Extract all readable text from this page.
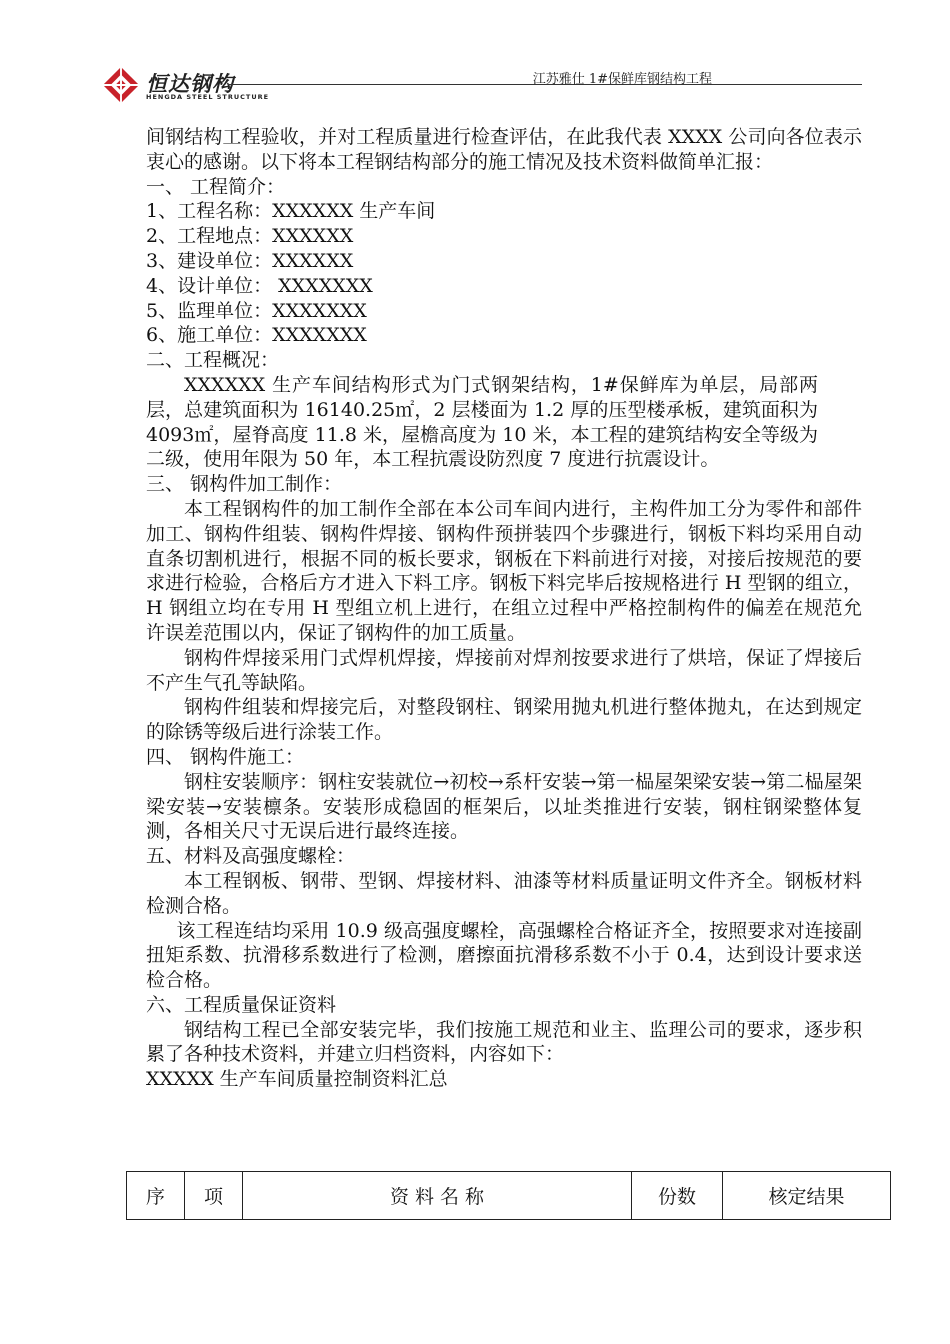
恒达钢构
HENGDA STEEL STRUCTURE
江苏雅仕 1#保鲜库钢结构工程

间钢结构工程验收，并对工程质量进行检查评估，在此我代表 XXXX 公司向各位表示衷心的感谢。以下将本工程钢结构部分的施工情况及技术资料做简单汇报：

一、 工程简介：

1、工程名称：XXXXXX 生产车间

2、工程地点：XXXXXX

3、建设单位：XXXXXX

4、设计单位： XXXXXXX

5、监理单位：XXXXXXX

6、施工单位：XXXXXXX

二、工程概况：

XXXXXX 生产车间结构形式为门式钢架结构，1#保鲜库为单层，局部两层，总建筑面积为 16140.25㎡，2 层楼面为 1.2 厚的压型楼承板，建筑面积为 4093㎡，屋脊高度 11.8 米，屋檐高度为 10 米，本工程的建筑结构安全等级为二级，使用年限为 50 年，本工程抗震设防烈度 7 度进行抗震设计。

三、 钢构件加工制作：

本工程钢构件的加工制作全部在本公司车间内进行，主构件加工分为零件和部件加工、钢构件组装、钢构件焊接、钢构件预拼装四个步骤进行，钢板下料均采用自动直条切割机进行，根据不同的板长要求，钢板在下料前进行对接，对接后按规范的要求进行检验，合格后方才进入下料工序。钢板下料完毕后按规格进行 H 型钢的组立，H 钢组立均在专用 H 型组立机上进行，在组立过程中严格控制构件的偏差在规范允许误差范围以内，保证了钢构件的加工质量。

钢构件焊接采用门式焊机焊接，焊接前对焊剂按要求进行了烘培，保证了焊接后不产生气孔等缺陷。

钢构件组装和焊接完后，对整段钢柱、钢梁用抛丸机进行整体抛丸，在达到规定的除锈等级后进行涂装工作。

四、 钢构件施工：

钢柱安装顺序：钢柱安装就位→初校→系杆安装→第一榀屋架梁安装→第二榀屋架梁安装→安装檩条。安装形成稳固的框架后，以址类推进行安装，钢柱钢梁整体复测，各相关尺寸无误后进行最终连接。

五、材料及高强度螺栓：

本工程钢板、钢带、型钢、焊接材料、油漆等材料质量证明文件齐全。钢板材料检测合格。

该工程连结均采用 10.9 级高强度螺栓，高强螺栓合格证齐全，按照要求对连接副扭矩系数、抗滑移系数进行了检测，磨擦面抗滑移系数不小于 0.4，达到设计要求送检合格。

六、工程质量保证资料

钢结构工程已全部安装完毕，我们按施工规范和业主、监理公司的要求，逐步积累了各种技术资料，并建立归档资料，内容如下：

XXXXX 生产车间质量控制资料汇总

序	项	资 料 名 称	份数	核定结果
